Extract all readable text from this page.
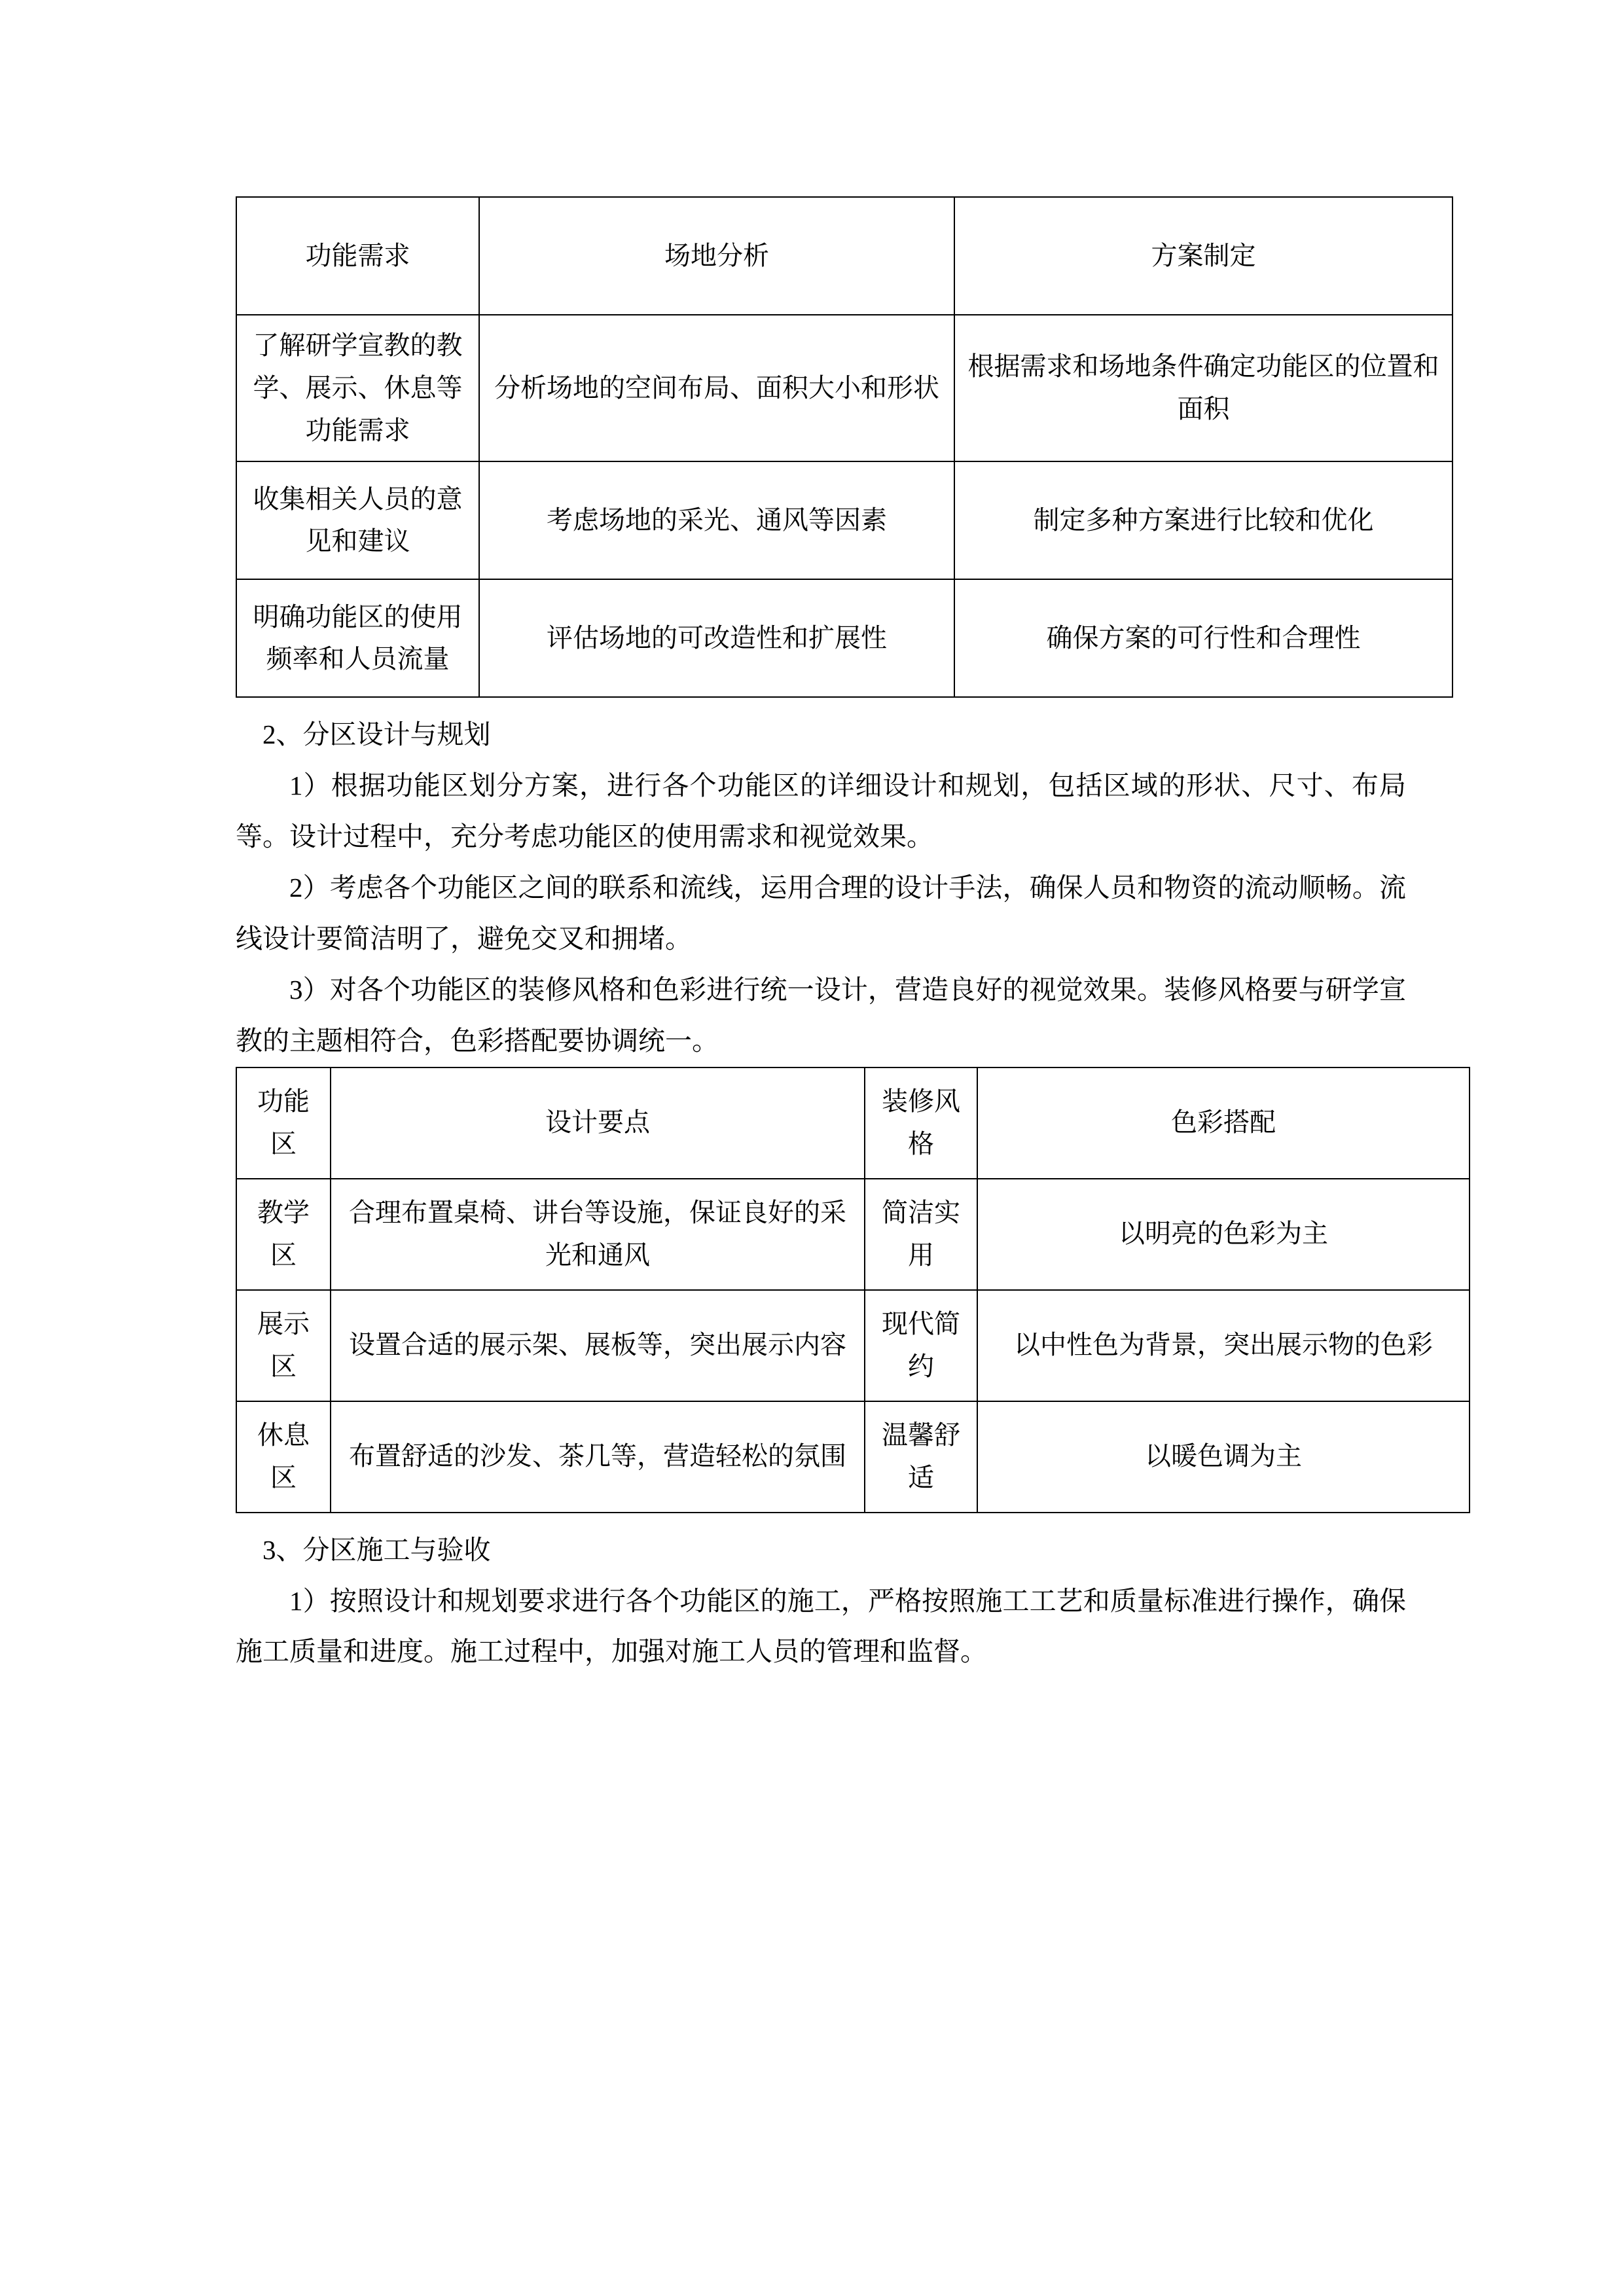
功能需求	场地分析	方案制定
了解研学宣教的教学、展示、休息等功能需求	分析场地的空间布局、面积大小和形状	根据需求和场地条件确定功能区的位置和面积
收集相关人员的意见和建议	考虑场地的采光、通风等因素	制定多种方案进行比较和优化
明确功能区的使用频率和人员流量	评估场地的可改造性和扩展性	确保方案的可行性和合理性

2、分区设计与规划

1）根据功能区划分方案，进行各个功能区的详细设计和规划，包括区域的形状、尺寸、布局等。设计过程中，充分考虑功能区的使用需求和视觉效果。

2）考虑各个功能区之间的联系和流线，运用合理的设计手法，确保人员和物资的流动顺畅。流线设计要简洁明了，避免交叉和拥堵。

3）对各个功能区的装修风格和色彩进行统一设计，营造良好的视觉效果。装修风格要与研学宣教的主题相符合，色彩搭配要协调统一。

功能区	设计要点	装修风格	色彩搭配
教学区	合理布置桌椅、讲台等设施，保证良好的采光和通风	简洁实用	以明亮的色彩为主
展示区	设置合适的展示架、展板等，突出展示内容	现代简约	以中性色为背景，突出展示物的色彩
休息区	布置舒适的沙发、茶几等，营造轻松的氛围	温馨舒适	以暖色调为主

3、分区施工与验收

1）按照设计和规划要求进行各个功能区的施工，严格按照施工工艺和质量标准进行操作，确保施工质量和进度。施工过程中，加强对施工人员的管理和监督。
